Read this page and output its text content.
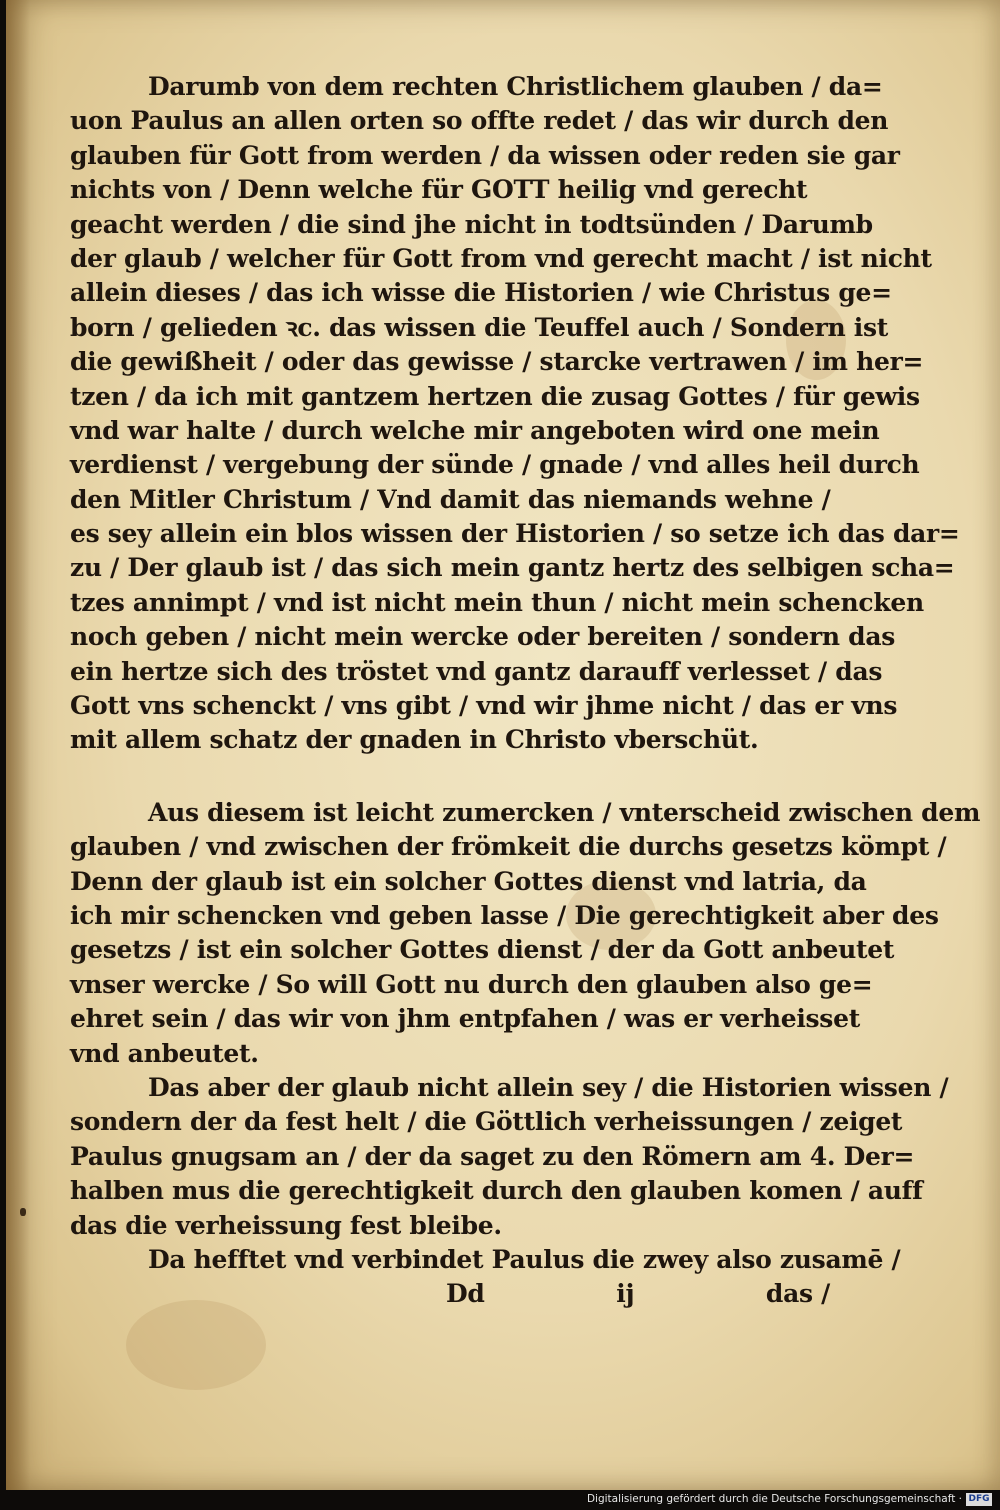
Darumb von dem rechten Christlichem glauben / da=
uon Paulus an allen orten so offte redet / das wir durch den
glauben für Gott from werden / da wissen oder reden sie gar
nichts von / Denn welche für GOTT heilig vnd gerecht
geacht werden / die sind jhe nicht in todtsünden / Darumb
der glaub / welcher für Gott from vnd gerecht macht / ist nicht
allein dieses / das ich wisse die Historien / wie Christus ge=
born / gelieden ꝛc. das wissen die Teuffel auch / Sondern ist
die gewißheit / oder das gewisse / starcke vertrawen / im her=
tzen / da ich mit gantzem hertzen die zusag Gottes / für gewis
vnd war halte / durch welche mir angeboten wird one mein
verdienst / vergebung der sünde / gnade / vnd alles heil durch
den Mitler Christum / Vnd damit das niemands wehne /
es sey allein ein blos wissen der Historien / so setze ich das dar=
zu / Der glaub ist / das sich mein gantz hertz des selbigen scha=
tzes annimpt / vnd ist nicht mein thun / nicht mein schencken
noch geben / nicht mein wercke oder bereiten / sondern das
ein hertze sich des tröstet vnd gantz darauff verlesset / das
Gott vns schenckt / vns gibt / vnd wir jhme nicht / das er vns
mit allem schatz der gnaden in Christo vberschüt.
Aus diesem ist leicht zumercken / vnterscheid zwischen dem
glauben / vnd zwischen der frömkeit die durchs gesetzs kömpt /
Denn der glaub ist ein solcher Gottes dienst vnd latria, da
ich mir schencken vnd geben lasse / Die gerechtigkeit aber des
gesetzs / ist ein solcher Gottes dienst / der da Gott anbeutet
vnser wercke / So will Gott nu durch den glauben also ge=
ehret sein / das wir von jhm entpfahen / was er verheisset
vnd anbeutet.
Das aber der glaub nicht allein sey / die Historien wissen /
sondern der da fest helt / die Göttlich verheissungen / zeiget
Paulus gnugsam an / der da saget zu den Römern am 4. Der=
halben mus die gerechtigkeit durch den glauben komen / auff
das die verheissung fest bleibe.
Da hefftet vnd verbindet Paulus die zwey also zusamē /
Dd	ij	das /
Digitalisierung gefördert durch die Deutsche Forschungsgemeinschaft · DFG
